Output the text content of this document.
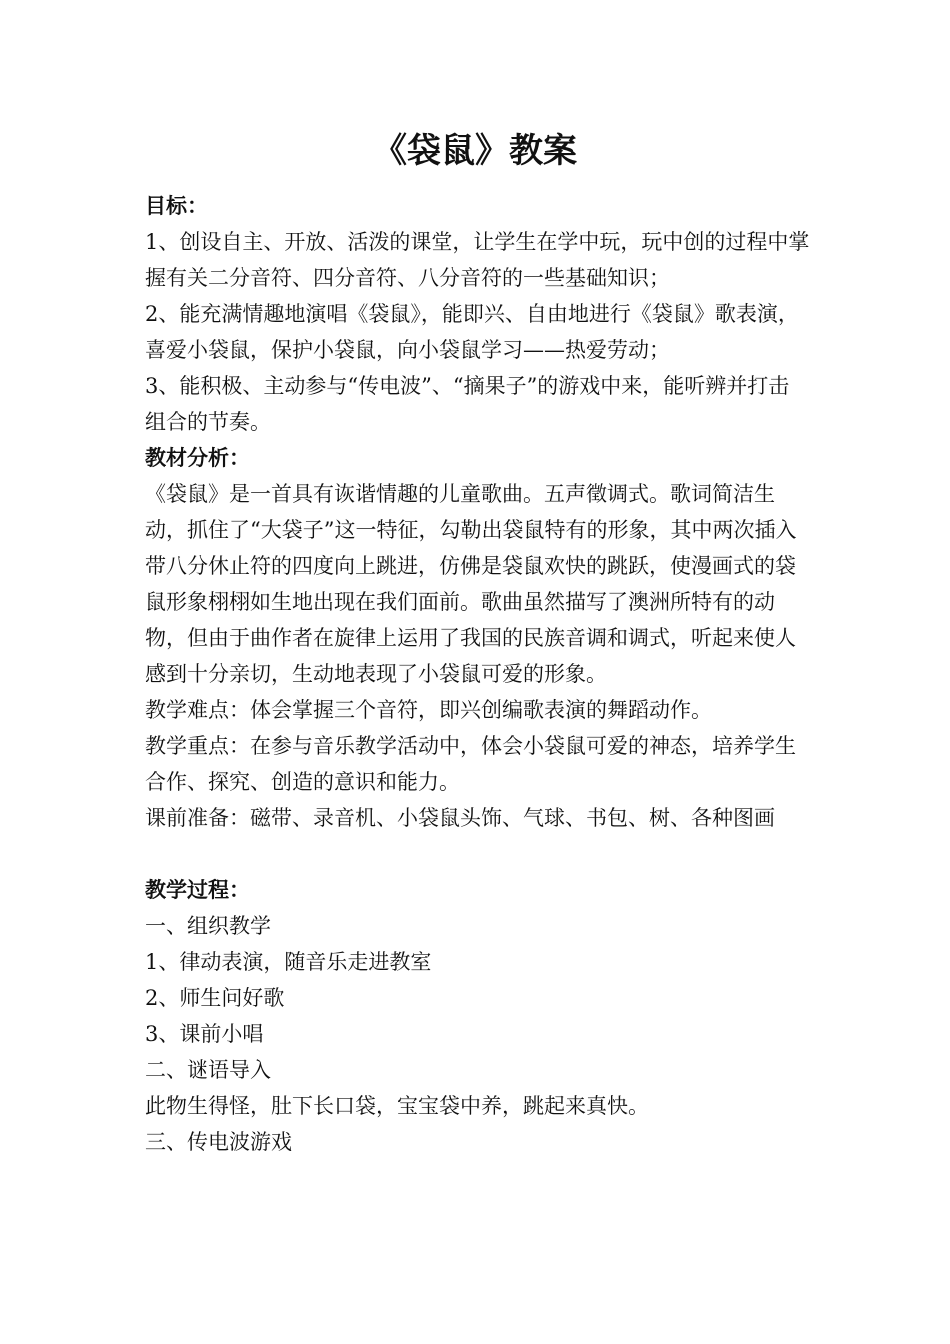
《袋鼠》教案

目标：

1、创设自主、开放、活泼的课堂，让学生在学中玩，玩中创的过程中掌握有关二分音符、四分音符、八分音符的一些基础知识；

2、能充满情趣地演唱《袋鼠》，能即兴、自由地进行《袋鼠》歌表演，喜爱小袋鼠，保护小袋鼠，向小袋鼠学习——热爱劳动；

3、能积极、主动参与“传电波”、“摘果子”的游戏中来，能听辨并打击组合的节奏。

教材分析：

《袋鼠》是一首具有诙谐情趣的儿童歌曲。五声徵调式。歌词简洁生动，抓住了“大袋子”这一特征，勾勒出袋鼠特有的形象，其中两次插入带八分休止符的四度向上跳进，仿佛是袋鼠欢快的跳跃，使漫画式的袋鼠形象栩栩如生地出现在我们面前。歌曲虽然描写了澳洲所特有的动物，但由于曲作者在旋律上运用了我国的民族音调和调式，听起来使人感到十分亲切，生动地表现了小袋鼠可爱的形象。

教学难点：体会掌握三个音符，即兴创编歌表演的舞蹈动作。

教学重点：在参与音乐教学活动中，体会小袋鼠可爱的神态，培养学生合作、探究、创造的意识和能力。

课前准备：磁带、录音机、小袋鼠头饰、气球、书包、树、各种图画

教学过程：

一、组织教学

1、律动表演，随音乐走进教室

2、师生问好歌

3、课前小唱

二、谜语导入

此物生得怪，肚下长口袋，宝宝袋中养，跳起来真快。

三、传电波游戏
